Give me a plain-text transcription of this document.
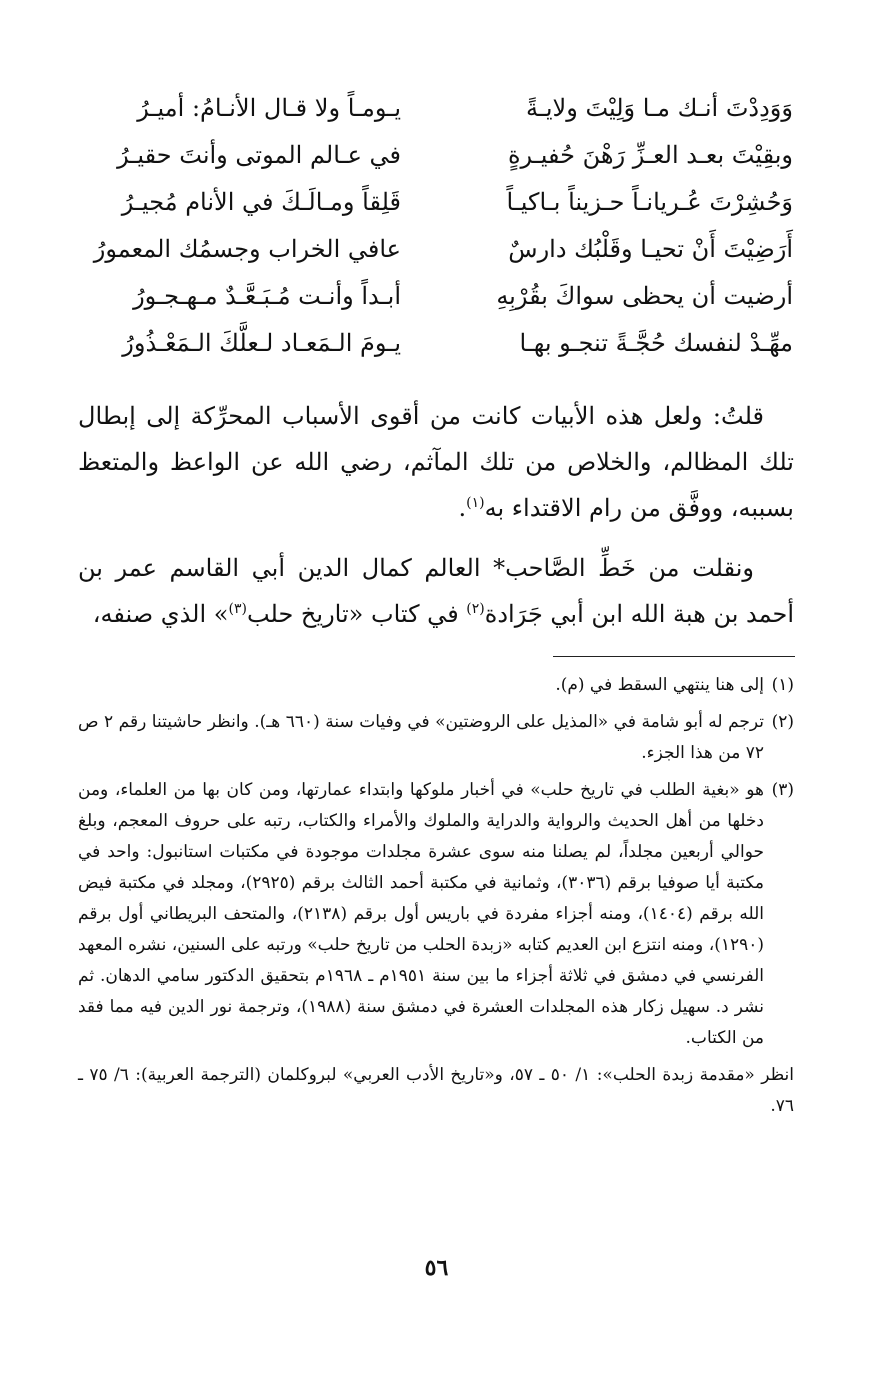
وَوَدِدْتَ أنـك مـا وَلِيْتَ ولايـةً
يـومـاً ولا قـال الأنـامُ: أميـرُ
وبقِيْتَ بعـد العـزِّ رَهْنَ حُفيـرةٍ
في عـالم الموتى وأنتَ حقيـرُ
وَحُشِرْتَ عُـريانـاً حـزيناً بـاكيـاً
قَلِقاً ومـالَـكَ في الأنام مُجيـرُ
أَرَضِيْتَ أَنْ تحيـا وقَلْبُك دارسٌ
عافي الخراب وجسمُك المعمورُ
أرضيت أن يحظى سواكَ بقُرْبِهِ
أبـداً وأنـت مُـبَـعَّـدٌ مـهـجـورُ
مهِّـدْ لنفسك حُجَّـةً تنجـو بهـا
يـومَ الـمَعـاد لـعلَّكَ الـمَعْـذُورُ

قلتُ: ولعل هذه الأبيات كانت من أقوى الأسباب المحرِّكة إلى إبطال تلك المظالم، والخلاص من تلك المآثم، رضي الله عن الواعظ والمتعظ بسببه، ووفَّق من رام الاقتداء به$^{(١)}$.

ونقلت من خَطِّ الصَّاحب* العالم كمال الدين أبي القاسم عمر بن أحمد بن هبة الله ابن أبي جَرَادة$^{(٢)}$ في كتاب «تاريخ حلب$^{(٣)}$» الذي صنفه،

(١)
إلى هنا ينتهي السقط في (م).
(٢)
ترجم له أبو شامة في «المذيل على الروضتين» في وفيات سنة (٦٦٠ هـ). وانظر حاشيتنا رقم ٢ ص ٧٢ من هذا الجزء.
(٣)
هو «بغية الطلب في تاريخ حلب» في أخبار ملوكها وابتداء عمارتها، ومن كان بها من العلماء، ومن دخلها من أهل الحديث والرواية والدراية والملوك والأمراء والكتاب، رتبه على حروف المعجم، وبلغ حوالي أربعين مجلداً، لم يصلنا منه سوى عشرة مجلدات موجودة في مكتبات استانبول: واحد في مكتبة أيا صوفيا برقم (٣٠٣٦)، وثمانية في مكتبة أحمد الثالث برقم (٢٩٢٥)، ومجلد في مكتبة فيض الله برقم (١٤٠٤)، ومنه أجزاء مفردة في باريس أول برقم (٢١٣٨)، والمتحف البريطاني أول برقم (١٢٩٠)، ومنه انتزع ابن العديم كتابه «زبدة الحلب من تاريخ حلب» ورتبه على السنين، نشره المعهد الفرنسي في دمشق في ثلاثة أجزاء ما بين سنة ١٩٥١م ـ ١٩٦٨م بتحقيق الدكتور سامي الدهان. ثم نشر د. سهيل زكار هذه المجلدات العشرة في دمشق سنة (١٩٨٨)، وترجمة نور الدين فيه مما فقد من الكتاب.
انظر «مقدمة زبدة الحلب»: ١/ ٥٠ ـ ٥٧، و«تاريخ الأدب العربي» لبروكلمان (الترجمة العربية): ٦/ ٧٥ ـ ٧٦.
٥٦
